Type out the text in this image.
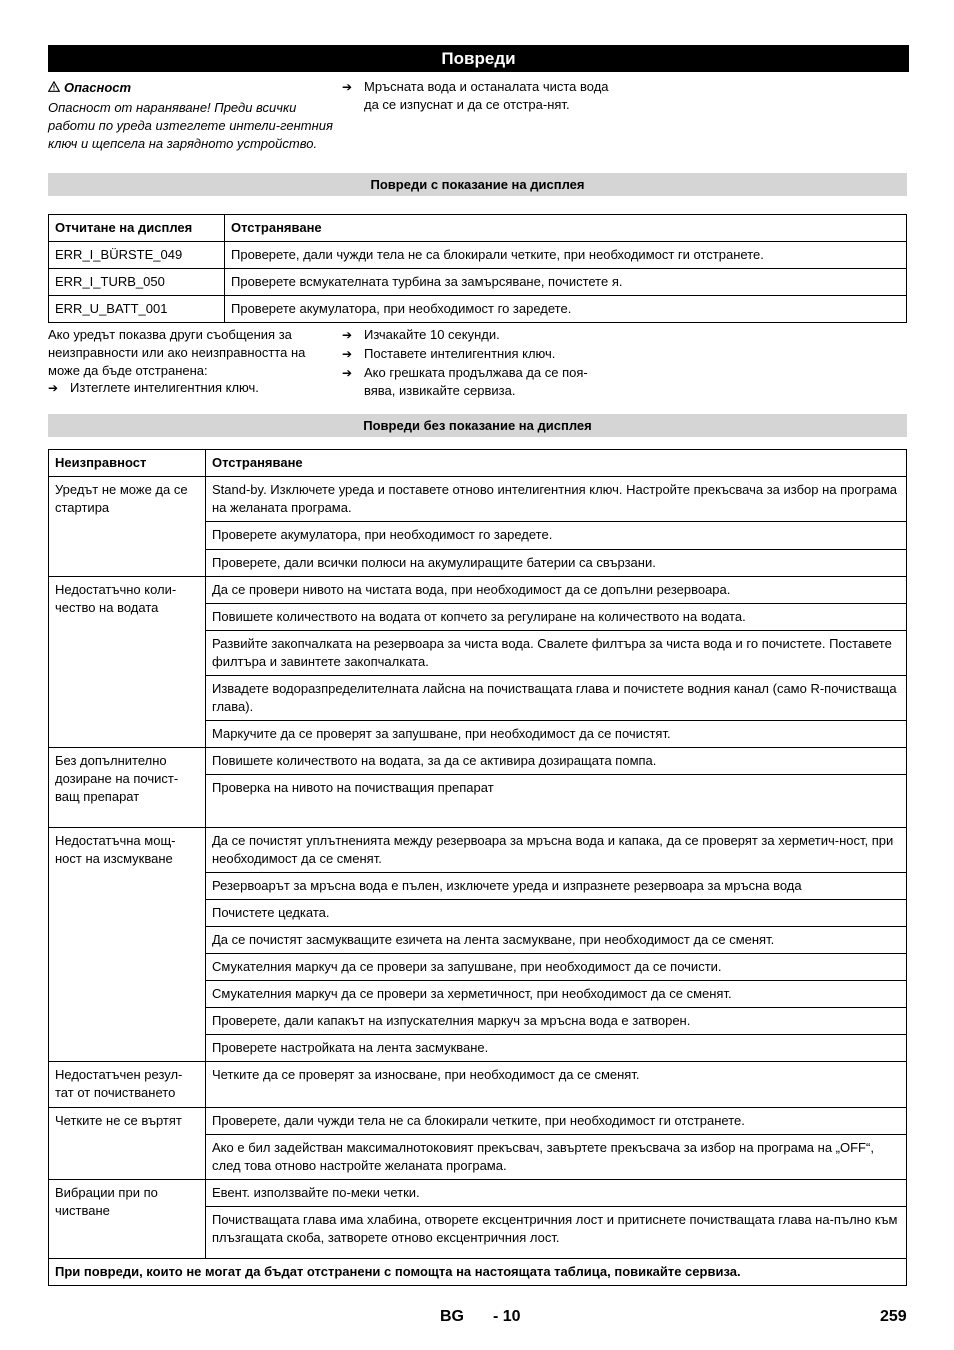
Повреди
Опасност
Опасност от нараняване! Преди всички работи по уреда изтеглете интели-гентния ключ и щепсела на зарядното устройство.
➔ Мръсната вода и останалата чиста вода да се изпуснат и да се отстра-нят.
Повреди с показание на дисплея
Отчитане на дисплея	Отстраняване
ERR_I_BÜRSTE_049	Проверете, дали чужди тела не са блокирали четките, при необходимост ги отстранете.
ERR_I_TURB_050	Проверете всмукателната турбина за замърсяване, почистете я.
ERR_U_BATT_001	Проверете акумулатора, при необходимост го заредете.
Ако уредът показва други съобщения за неизправности или ако неизправността на може да бъде отстранена:
➔ Изтеглете интелигентния ключ.
➔ Изчакайте 10 секунди.
➔ Поставете интелигентния ключ.
➔ Ако грешката продължава да се поя-вява, извикайте сервиза.
Повреди без показание на дисплея
Неизправност	Отстраняване
Уредът не може да се стартира	Stand-by. Изключете уреда и поставете отново интелигентния ключ. Настройте прекъсвача за избор на програма на желаната програма.
	Проверете акумулатора, при необходимост го заредете.
	Проверете, дали всички полюси на акумулиращите батерии са свързани.
Недостатъчно коли-чество на водата	Да се провери нивото на чистата вода, при необходимост да се допълни резервоара.
	Повишете количеството на водата от копчето за регулиране на количеството на водата.
	Развийте закопчалката на резервоара за чиста вода. Свалете филтъра за чиста вода и го почистете. Поставете филтъра и завинтете закопчалката.
	Извадете водоразпределителната лайсна на почистващата глава и почистете водния канал (само R-почистваща глава).
	Маркучите да се проверят за запушване, при необходимост да се почистят.
Без допълнително дозиране на почист-ващ препарат	Повишете количеството на водата, за да се активира дозиращата помпа.
	Проверка на нивото на почистващия препарат
Недостатъчна мощ-ност на изсмукване	Да се почистят уплътненията между резервоара за мръсна вода и капака, да се проверят за херметич-ност, при необходимост да се сменят.
	Резервоарът за мръсна вода е пълен, изключете уреда и изпразнете резервоара за мръсна вода
	Почистете цедката.
	Да се почистят засмукващите езичета на лента засмукване, при необходимост да се сменят.
	Смукателния маркуч да се провери за запушване, при необходимост да се почисти.
	Смукателния маркуч да се провери за херметичност, при необходимост да се сменят.
	Проверете, дали капакът на изпускателния маркуч за мръсна вода е затворен.
	Проверете настройката на лента засмукване.
Недостатъчен резул-тат от почистването	Четките да се проверят за износване, при необходимост да се сменят.
Четките не се въртят	Проверете, дали чужди тела не са блокирали четките, при необходимост ги отстранете.
	Ако е бил задействан максималнотоковият прекъсвач, завъртете прекъсвача за избор на програма на „OFF“, след това отново настройте желаната програма.
Вибрации при по чистване	Евент. използвайте по-меки четки.
	Почистващата глава има хлабина, отворете ексцентричния лост и притиснете почистващата глава на-пълно към плъзгащата скоба, затворете отново ексцентричния лост.
При повреди, които не могат да бъдат отстранени с помощта на настоящата таблица, повикайте сервиза.	
BG - 10	259
